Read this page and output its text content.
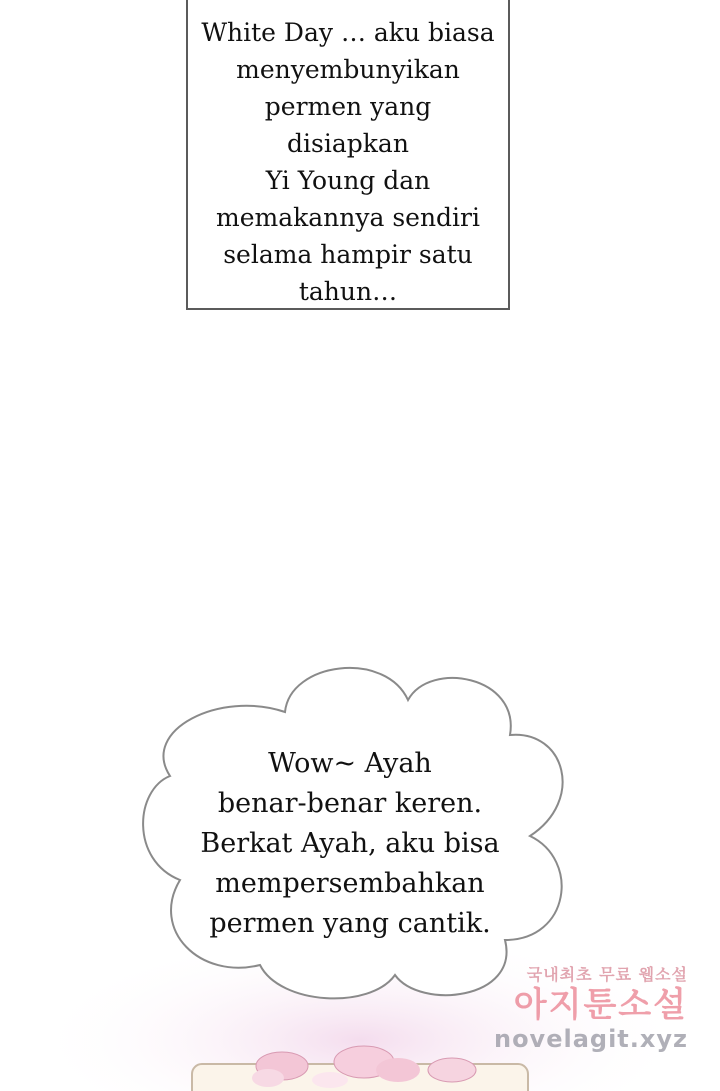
White Day … aku biasa
menyembunyikan
permen yang disiapkan
Yi Young dan
memakannya sendiri
selama hampir satu
tahun…
Wow~ Ayah
benar-benar keren.
Berkat Ayah, aku bisa
mempersembahkan
permen yang cantik.
국내최초 무료 웹소설
아지툰소설
novelagit.xyz
